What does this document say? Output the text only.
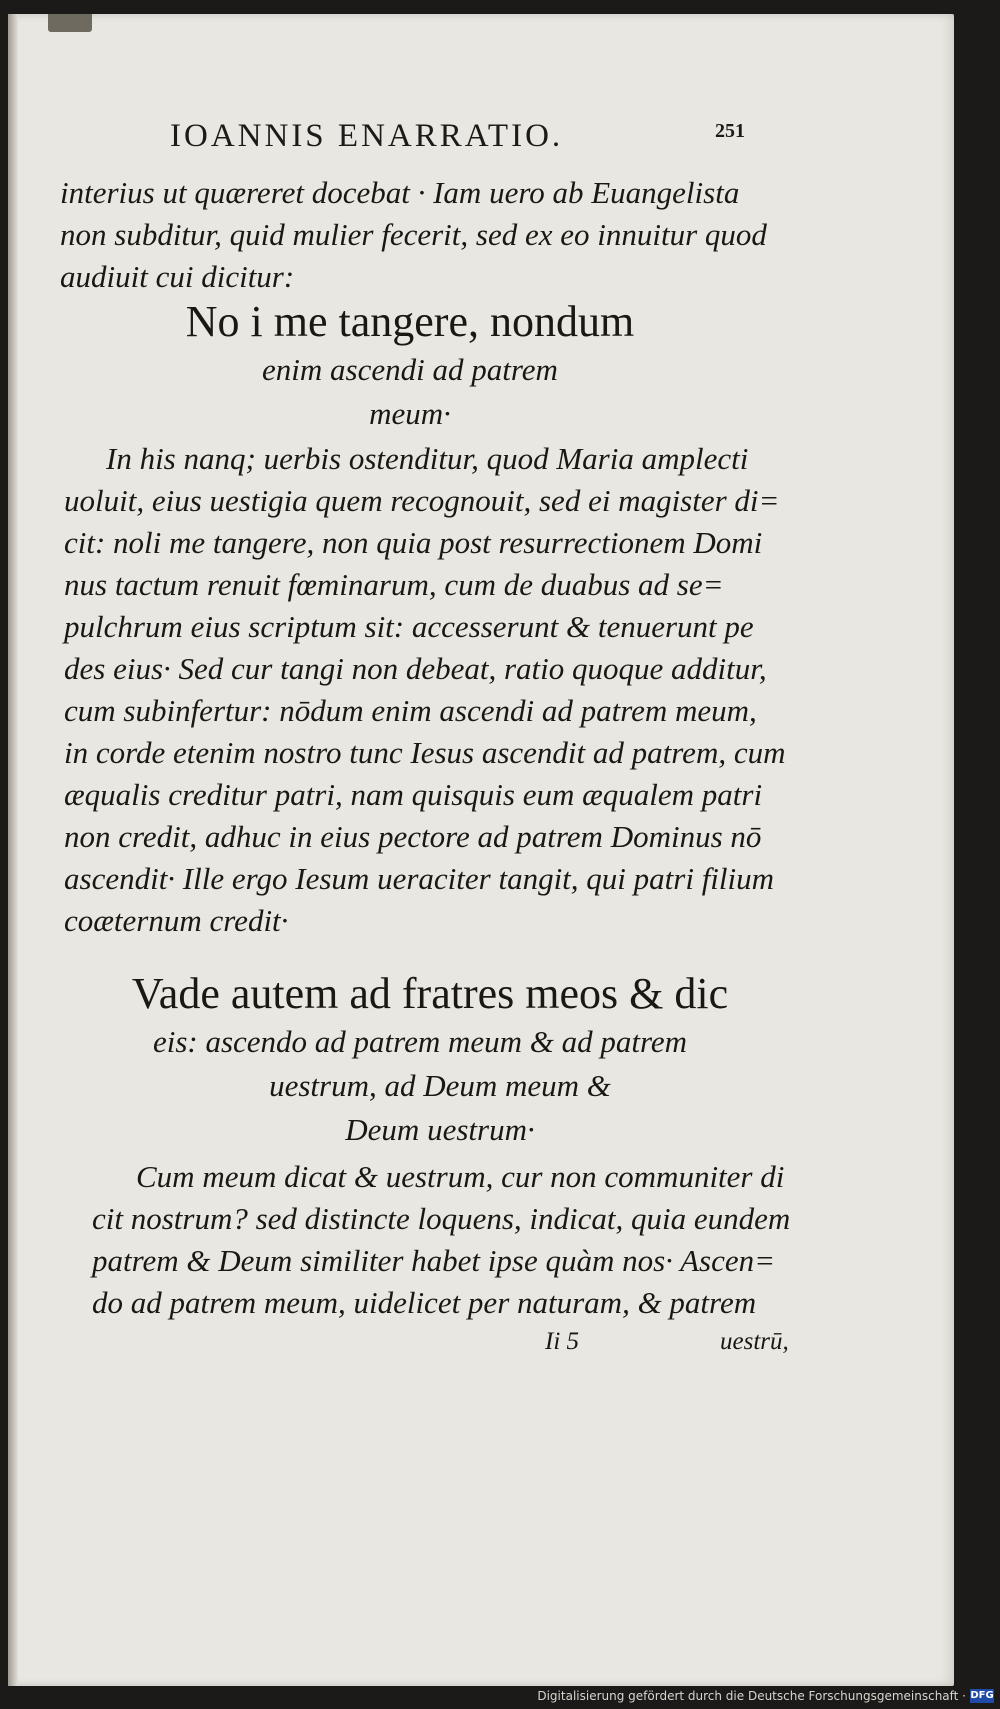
IOANNIS ENARRATIO.	251
interius ut quæreret docebat · Iam uero ab Euangelista
non subditur, quid mulier fecerit, sed ex eo innuitur quod
audiuit cui dicitur:
No i me tangere, nondum
enim ascendi ad patrem
meum·
In his nanq; uerbis ostenditur, quod Maria amplecti
uoluit, eius uestigia quem recognouit, sed ei magister di=
cit: noli me tangere, non quia post resurrectionem Domi
nus tactum renuit fœminarum, cum de duabus ad se=
pulchrum eius scriptum sit: accesserunt & tenuerunt pe
des eius· Sed cur tangi non debeat, ratio quoque additur,
cum subinfertur: nōdum enim ascendi ad patrem meum,
in corde etenim nostro tunc Iesus ascendit ad patrem, cum
æqualis creditur patri, nam quisquis eum æqualem patri
non credit, adhuc in eius pectore ad patrem Dominus nō
ascendit· Ille ergo Iesum ueraciter tangit, qui patri filium
coæternum credit·
Vade autem ad fratres meos & dic
eis: ascendo ad patrem meum & ad patrem
uestrum, ad Deum meum &
Deum uestrum·
Cum meum dicat & uestrum, cur non communiter di
cit nostrum? sed distincte loquens, indicat, quia eundem
patrem & Deum similiter habet ipse quàm nos· Ascen=
do ad patrem meum, uidelicet per naturam, & patrem
Ii 5	uestrū,
Digitalisierung gefördert durch die Deutsche Forschungsgemeinschaft · DFG
